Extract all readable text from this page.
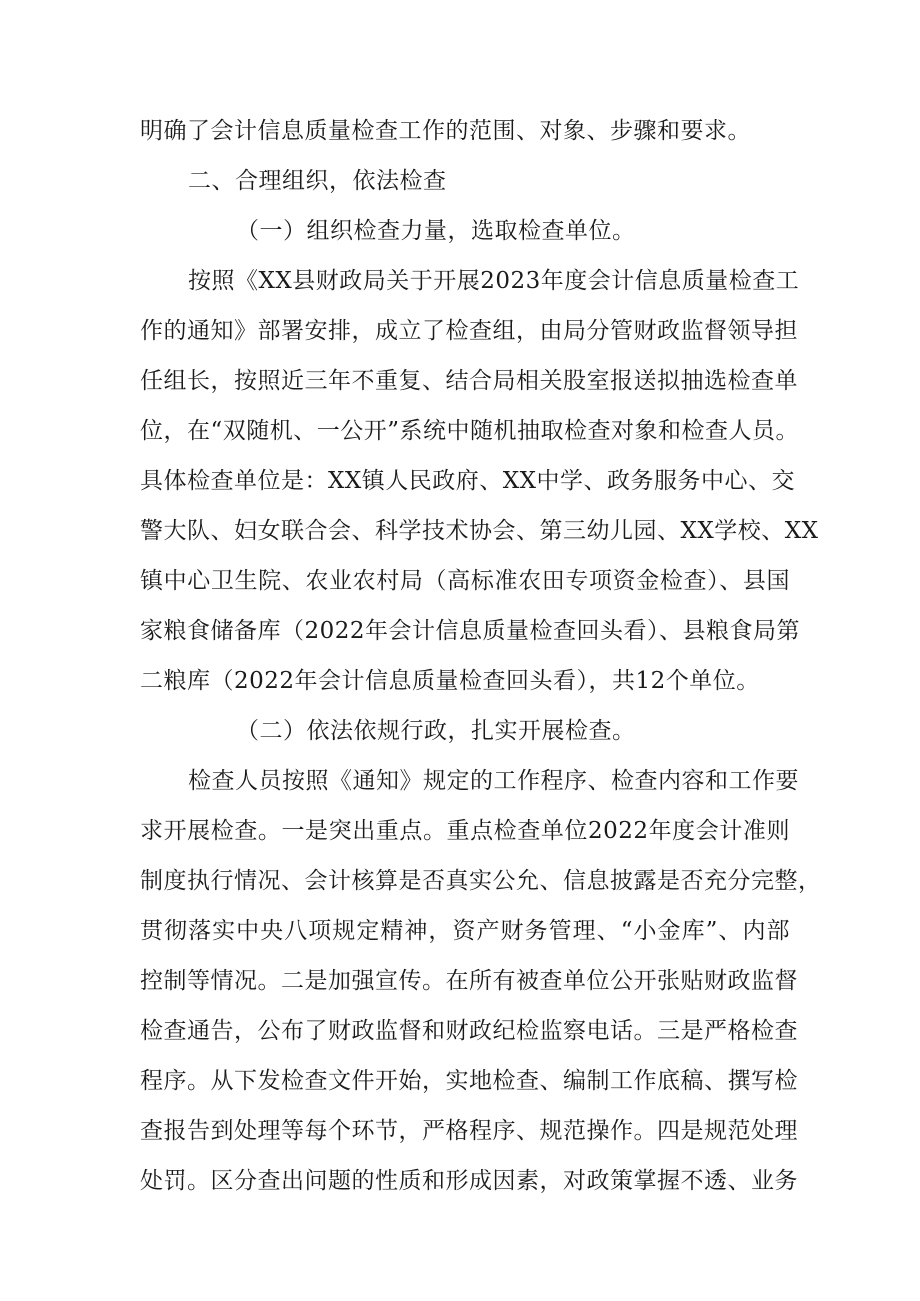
明确了会计信息质量检查工作的范围、对象、步骤和要求。
二、合理组织，依法检查
（一）组织检查力量，选取检查单位。
按照《XX县财政局关于开展2023年度会计信息质量检查工
作的通知》部署安排，成立了检查组，由局分管财政监督领导担
任组长，按照近三年不重复、结合局相关股室报送拟抽选检查单
位，在“双随机、一公开”系统中随机抽取检查对象和检查人员。
具体检查单位是：XX镇人民政府、XX中学、政务服务中心、交
警大队、妇女联合会、科学技术协会、第三幼儿园、XX学校、XX
镇中心卫生院、农业农村局（高标准农田专项资金检查）、县国
家粮食储备库（2022年会计信息质量检查回头看）、县粮食局第
二粮库（2022年会计信息质量检查回头看），共12个单位。
（二）依法依规行政，扎实开展检查。
检查人员按照《通知》规定的工作程序、检查内容和工作要
求开展检查。一是突出重点。重点检查单位2022年度会计准则
制度执行情况、会计核算是否真实公允、信息披露是否充分完整，
贯彻落实中央八项规定精神，资产财务管理、“小金库”、内部
控制等情况。二是加强宣传。在所有被查单位公开张贴财政监督
检查通告，公布了财政监督和财政纪检监察电话。三是严格检查
程序。从下发检查文件开始，实地检查、编制工作底稿、撰写检
查报告到处理等每个环节，严格程序、规范操作。四是规范处理
处罚。区分查出问题的性质和形成因素，对政策掌握不透、业务
